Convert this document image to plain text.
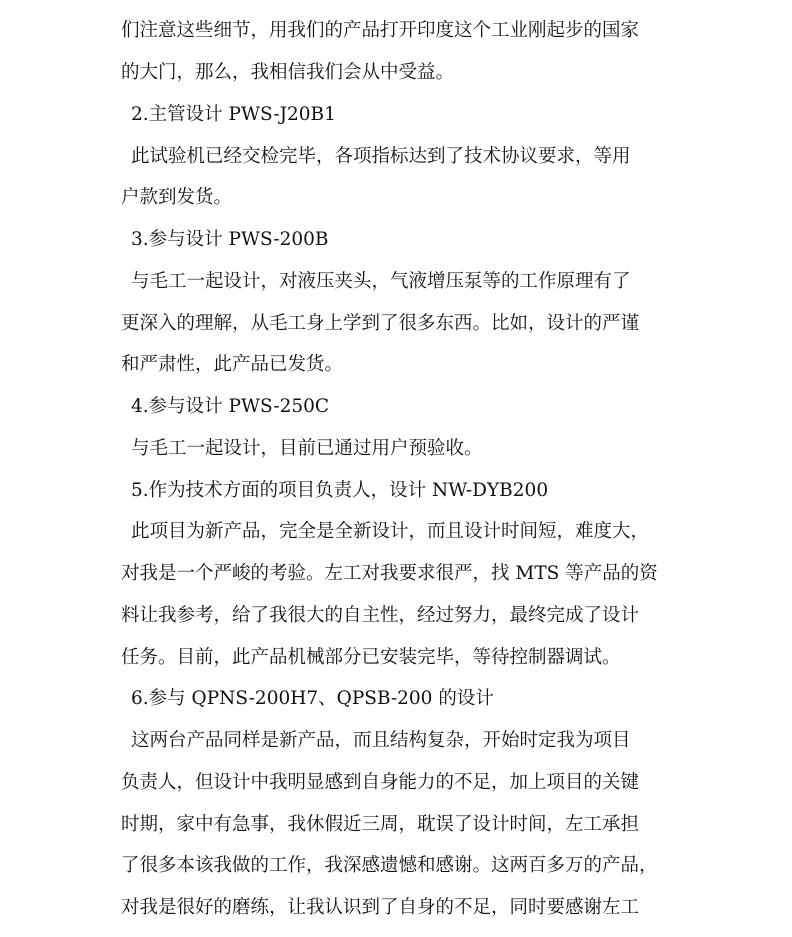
们注意这些细节，用我们的产品打开印度这个工业刚起步的国家

的大门，那么，我相信我们会从中受益。

2.主管设计 PWS-J20B1

此试验机已经交检完毕，各项指标达到了技术协议要求，等用

户款到发货。

3.参与设计 PWS-200B

与毛工一起设计，对液压夹头，气液增压泵等的工作原理有了

更深入的理解，从毛工身上学到了很多东西。比如，设计的严谨

和严肃性，此产品已发货。

4.参与设计 PWS-250C

与毛工一起设计，目前已通过用户预验收。

5.作为技术方面的项目负责人，设计 NW-DYB200

此项目为新产品，完全是全新设计，而且设计时间短，难度大，

对我是一个严峻的考验。左工对我要求很严，找 MTS 等产品的资

料让我参考，给了我很大的自主性，经过努力，最终完成了设计

任务。目前，此产品机械部分已安装完毕，等待控制器调试。

6.参与 QPNS-200H7、QPSB-200 的设计

这两台产品同样是新产品，而且结构复杂，开始时定我为项目

负责人，但设计中我明显感到自身能力的不足，加上项目的关键

时期，家中有急事，我休假近三周，耽误了设计时间，左工承担

了很多本该我做的工作，我深感遗憾和感谢。这两百多万的产品，

对我是很好的磨练，让我认识到了自身的不足，同时要感谢左工
